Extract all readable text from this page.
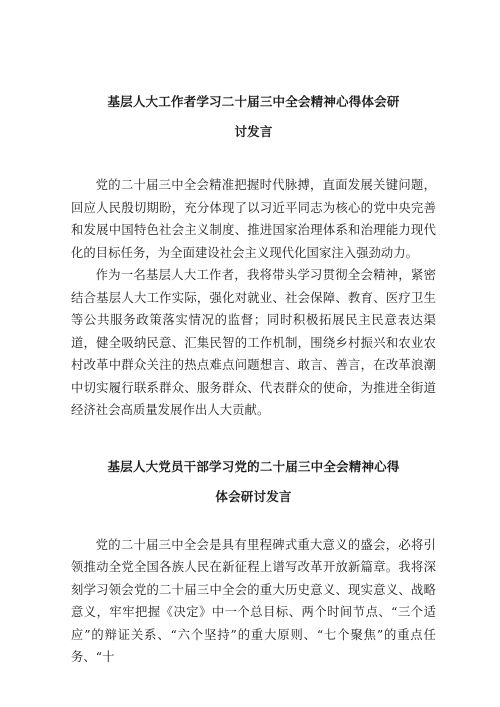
基层人大工作者学习二十届三中全会精神心得体会研
讨发言

党的二十届三中全会精准把握时代脉搏，直面发展关键问题，回应人民殷切期盼，充分体现了以习近平同志为核心的党中央完善和发展中国特色社会主义制度、推进国家治理体系和治理能力现代化的目标任务，为全面建设社会主义现代化国家注入强劲动力。

作为一名基层人大工作者，我将带头学习贯彻全会精神，紧密结合基层人大工作实际，强化对就业、社会保障、教育、医疗卫生等公共服务政策落实情况的监督；同时积极拓展民主民意表达渠道，健全吸纳民意、汇集民智的工作机制，围绕乡村振兴和农业农村改革中群众关注的热点难点问题想言、敢言、善言，在改革浪潮中切实履行联系群众、服务群众、代表群众的使命，为推进全街道经济社会高质量发展作出人大贡献。

基层人大党员干部学习党的二十届三中全会精神心得
体会研讨发言

党的二十届三中全会是具有里程碑式重大意义的盛会，必将引领推动全党全国各族人民在新征程上谱写改革开放新篇章。我将深刻学习领会党的二十届三中全会的重大历史意义、现实意义、战略意义，牢牢把握《决定》中一个总目标、两个时间节点、“三个适应”的辩证关系、“六个坚持”的重大原则、“七个聚焦”的重点任务、“十
